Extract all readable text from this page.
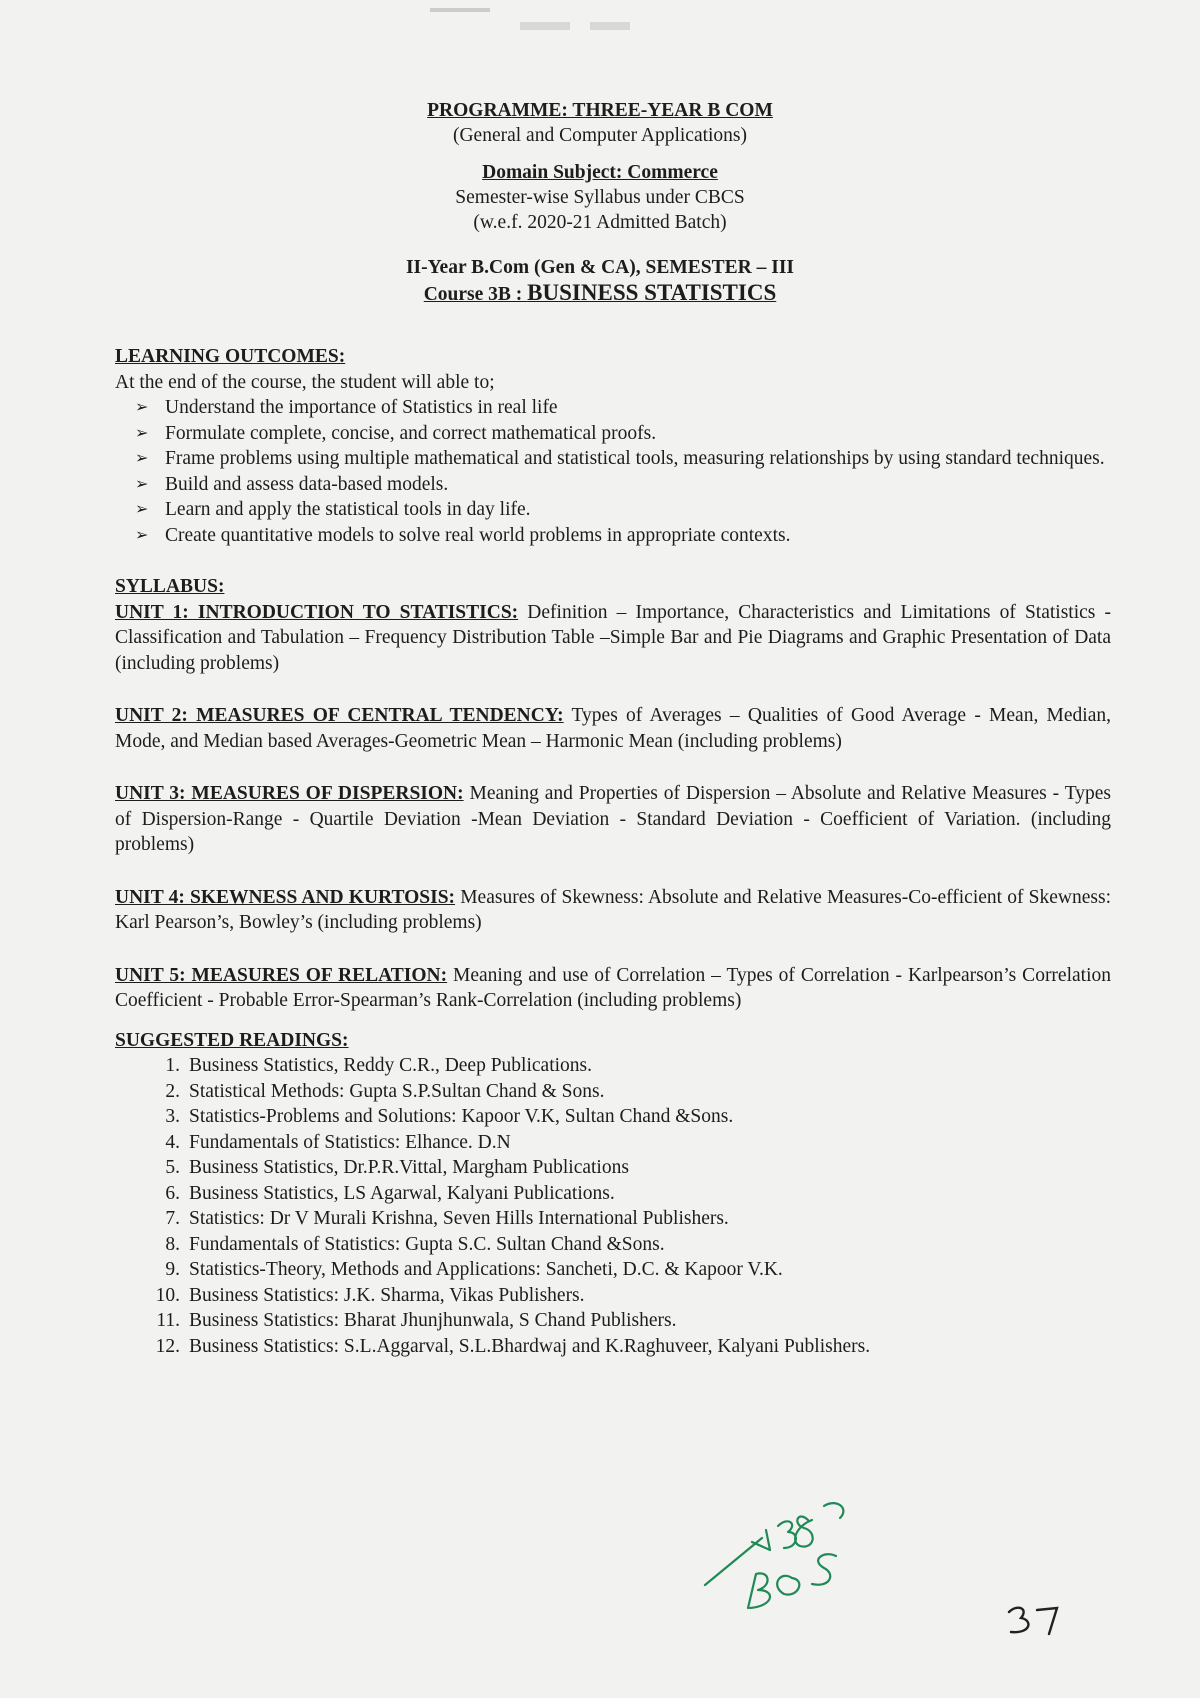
PROGRAMME: THREE-YEAR B COM
(General and Computer Applications)
Domain Subject: Commerce
Semester-wise Syllabus under CBCS
(w.e.f. 2020-21 Admitted Batch)
II-Year B.Com (Gen & CA), SEMESTER – III
Course 3B : BUSINESS STATISTICS
LEARNING OUTCOMES:
At the end of the course, the student will able to;
➢ Understand the importance of Statistics in real life
➢ Formulate complete, concise, and correct mathematical proofs.
➢ Frame problems using multiple mathematical and statistical tools, measuring relationships by using standard techniques.
➢ Build and assess data-based models.
➢ Learn and apply the statistical tools in day life.
➢ Create quantitative models to solve real world problems in appropriate contexts.
SYLLABUS:
UNIT 1: INTRODUCTION TO STATISTICS: Definition – Importance, Characteristics and Limitations of Statistics -Classification and Tabulation – Frequency Distribution Table –Simple Bar and Pie Diagrams and Graphic Presentation of Data (including problems)
UNIT 2: MEASURES OF CENTRAL TENDENCY: Types of Averages – Qualities of Good Average - Mean, Median, Mode, and Median based Averages-Geometric Mean – Harmonic Mean (including problems)
UNIT 3: MEASURES OF DISPERSION: Meaning and Properties of Dispersion – Absolute and Relative Measures - Types of Dispersion-Range - Quartile Deviation -Mean Deviation - Standard Deviation - Coefficient of Variation. (including problems)
UNIT 4: SKEWNESS AND KURTOSIS: Measures of Skewness: Absolute and Relative Measures-Co-efficient of Skewness: Karl Pearson’s, Bowley’s (including problems)
UNIT 5: MEASURES OF RELATION: Meaning and use of Correlation – Types of Correlation - Karlpearson’s Correlation Coefficient - Probable Error-Spearman’s Rank-Correlation (including problems)
SUGGESTED READINGS:
1. Business Statistics, Reddy C.R., Deep Publications.
2. Statistical Methods: Gupta S.P.Sultan Chand & Sons.
3. Statistics-Problems and Solutions: Kapoor V.K, Sultan Chand &Sons.
4. Fundamentals of Statistics: Elhance. D.N
5. Business Statistics, Dr.P.R.Vittal, Margham Publications
6. Business Statistics, LS Agarwal, Kalyani Publications.
7. Statistics: Dr V Murali Krishna, Seven Hills International Publishers.
8. Fundamentals of Statistics: Gupta S.C. Sultan Chand &Sons.
9. Statistics-Theory, Methods and Applications: Sancheti, D.C. & Kapoor V.K.
10. Business Statistics: J.K. Sharma, Vikas Publishers.
11. Business Statistics: Bharat Jhunjhunwala, S Chand Publishers.
12. Business Statistics: S.L.Aggarval, S.L.Bhardwaj and K.Raghuveer, Kalyani Publishers.
